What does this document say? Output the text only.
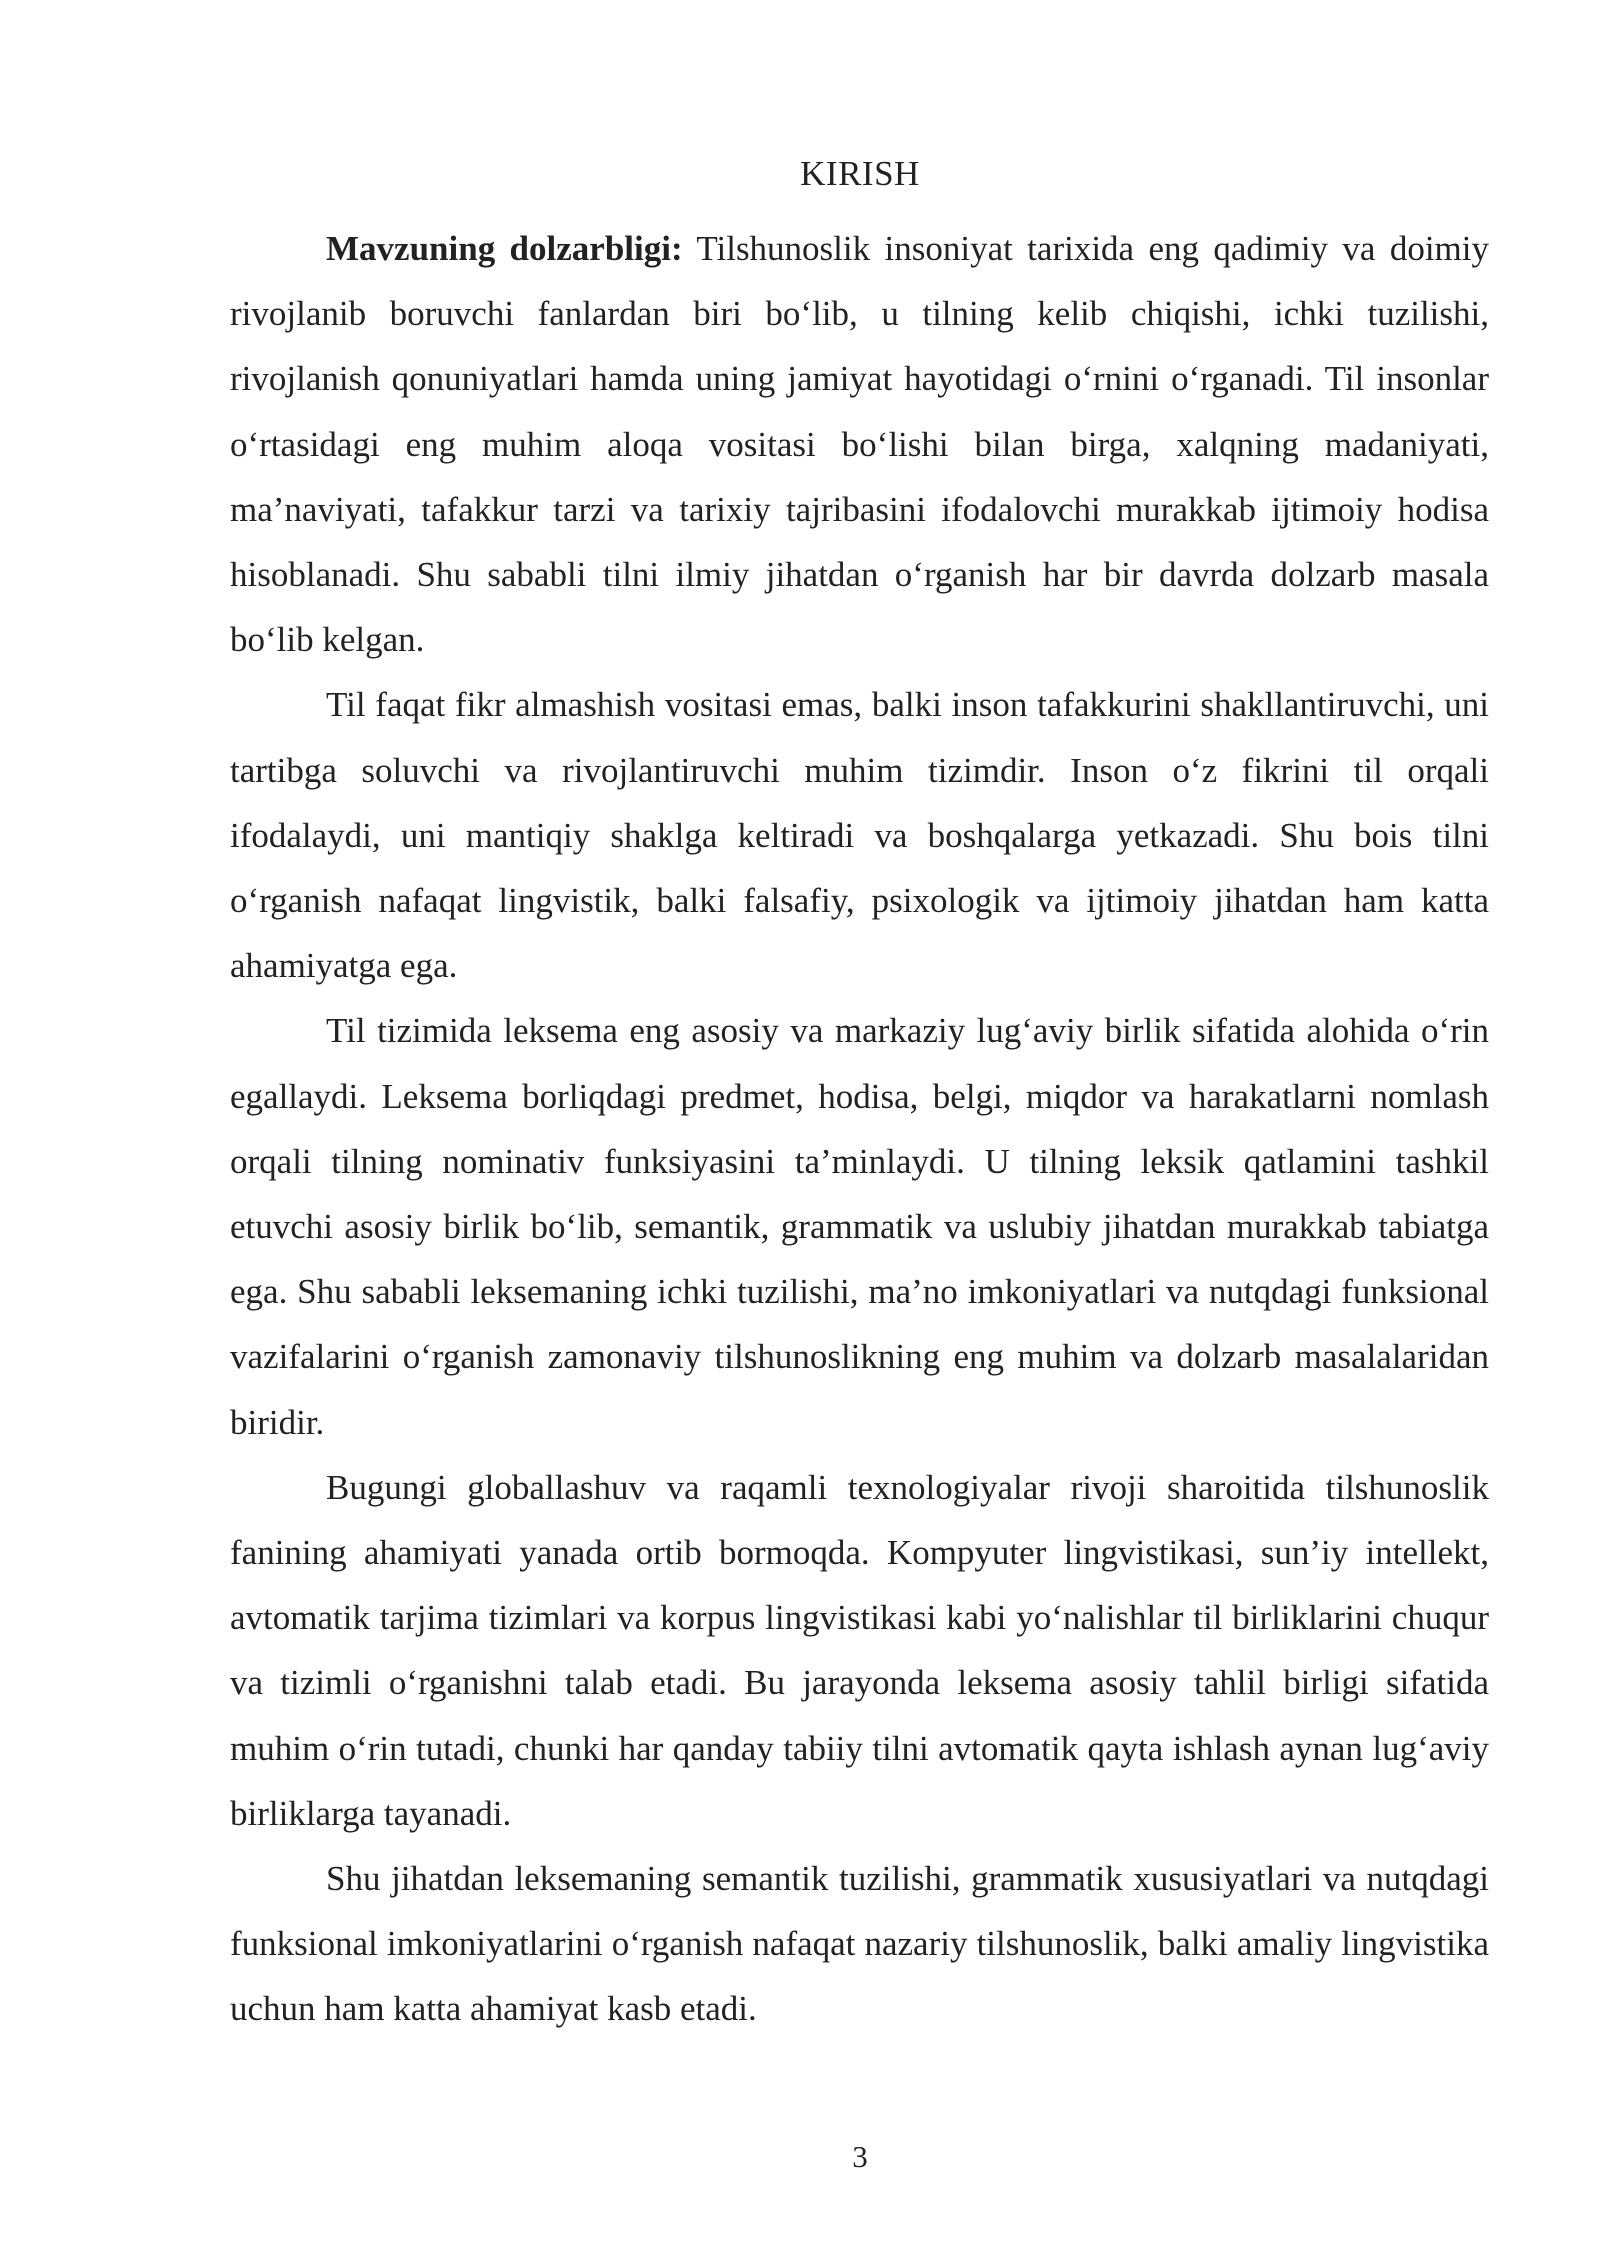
KIRISH

Mavzuning dolzarbligi: Tilshunoslik insoniyat tarixida eng qadimiy va doimiy rivojlanib boruvchi fanlardan biri bo‘lib, u tilning kelib chiqishi, ichki tuzilishi, rivojlanish qonuniyatlari hamda uning jamiyat hayotidagi o‘rnini o‘rganadi. Til insonlar o‘rtasidagi eng muhim aloqa vositasi bo‘lishi bilan birga, xalqning madaniyati, ma’naviyati, tafakkur tarzi va tarixiy tajribasini ifodalovchi murakkab ijtimoiy hodisa hisoblanadi. Shu sababli tilni ilmiy jihatdan o‘rganish har bir davrda dolzarb masala bo‘lib kelgan.

Til faqat fikr almashish vositasi emas, balki inson tafakkurini shakllantiruvchi, uni tartibga soluvchi va rivojlantiruvchi muhim tizimdir. Inson o‘z fikrini til orqali ifodalaydi, uni mantiqiy shaklga keltiradi va boshqalarga yetkazadi. Shu bois tilni o‘rganish nafaqat lingvistik, balki falsafiy, psixologik va ijtimoiy jihatdan ham katta ahamiyatga ega.

Til tizimida leksema eng asosiy va markaziy lug‘aviy birlik sifatida alohida o‘rin egallaydi. Leksema borliqdagi predmet, hodisa, belgi, miqdor va harakatlarni nomlash orqali tilning nominativ funksiyasini ta’minlaydi. U tilning leksik qatlamini tashkil etuvchi asosiy birlik bo‘lib, semantik, grammatik va uslubiy jihatdan murakkab tabiatga ega. Shu sababli leksemaning ichki tuzilishi, ma’no imkoniyatlari va nutqdagi funksional vazifalarini o‘rganish zamonaviy tilshunoslikning eng muhim va dolzarb masalalaridan biridir.

Bugungi globallashuv va raqamli texnologiyalar rivoji sharoitida tilshunoslik fanining ahamiyati yanada ortib bormoqda. Kompyuter lingvistikasi, sun’iy intellekt, avtomatik tarjima tizimlari va korpus lingvistikasi kabi yo‘nalishlar til birliklarini chuqur va tizimli o‘rganishni talab etadi. Bu jarayonda leksema asosiy tahlil birligi sifatida muhim o‘rin tutadi, chunki har qanday tabiiy tilni avtomatik qayta ishlash aynan lug‘aviy birliklarga tayanadi.

Shu jihatdan leksemaning semantik tuzilishi, grammatik xususiyatlari va nutqdagi funksional imkoniyatlarini o‘rganish nafaqat nazariy tilshunoslik, balki amaliy lingvistika uchun ham katta ahamiyat kasb etadi.

3
